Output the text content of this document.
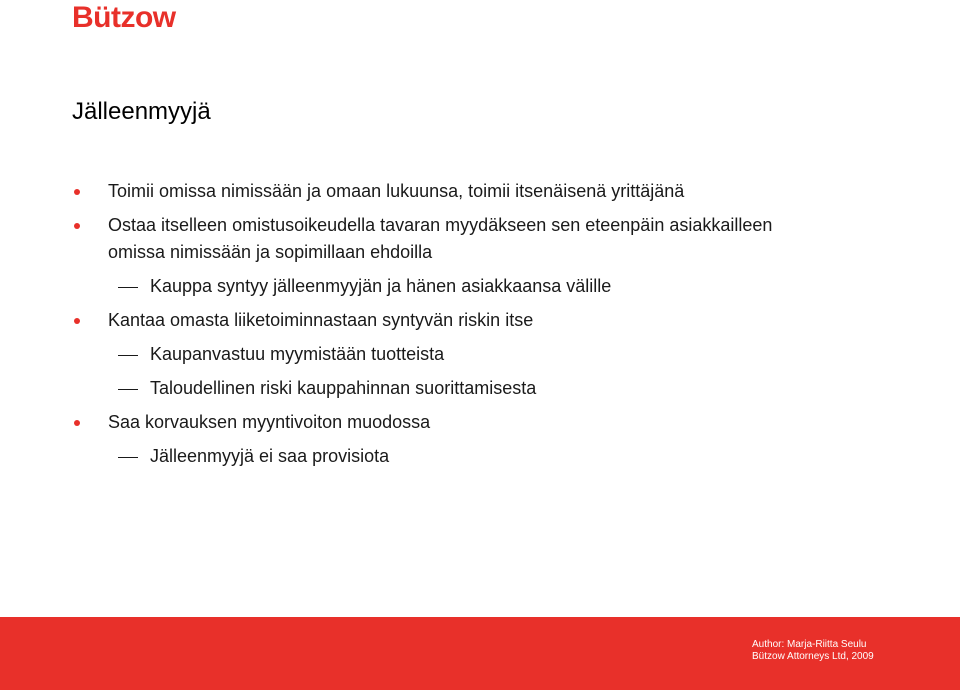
Bützow
Jälleenmyyjä
Toimii omissa nimissään ja omaan lukuunsa, toimii itsenäisenä yrittäjänä
Ostaa itselleen omistusoikeudella tavaran myydäkseen sen eteenpäin asiakkailleen omissa nimissään ja sopimillaan ehdoilla
Kauppa syntyy jälleenmyyjän ja hänen asiakkaansa välille
Kantaa omasta liiketoiminnastaan syntyvän riskin itse
Kaupanvastuu myymistään tuotteista
Taloudellinen riski kauppahinnan suorittamisesta
Saa korvauksen myyntivoiton muodossa
Jälleenmyyjä ei saa provisiota
Author: Marja-Riitta Seulu
Bützow Attorneys Ltd, 2009
